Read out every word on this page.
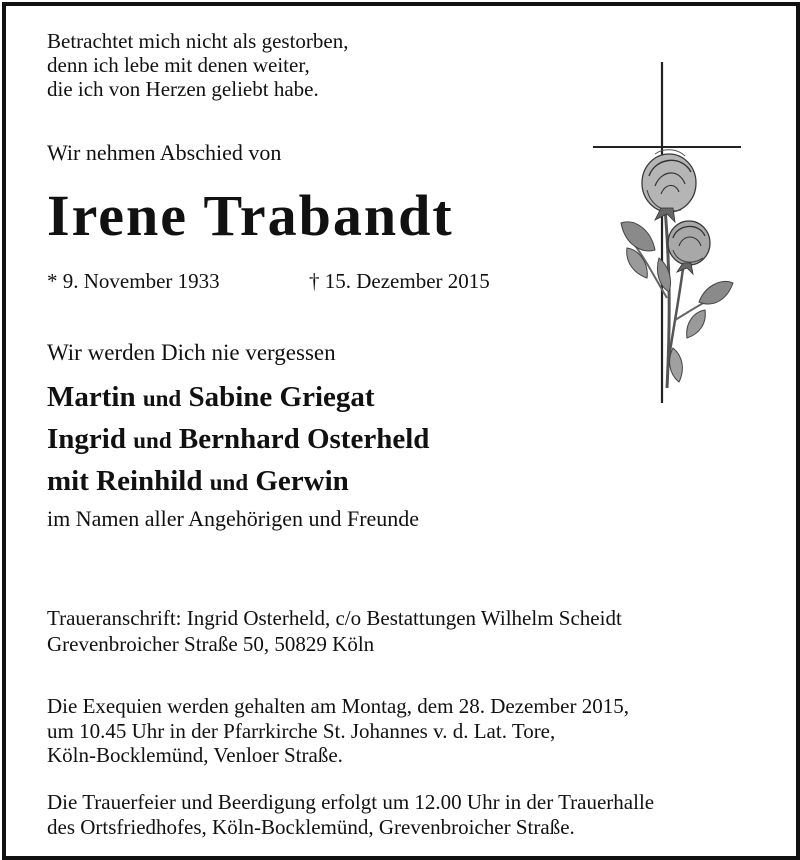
Betrachtet mich nicht als gestorben,
denn ich lebe mit denen weiter,
die ich von Herzen geliebt habe.
Wir nehmen Abschied von
Irene Trabandt
* 9. November 1933	† 15. Dezember 2015
Wir werden Dich nie vergessen
Martin und Sabine Griegat
Ingrid und Bernhard Osterheld
mit Reinhild und Gerwin
im Namen aller Angehörigen und Freunde
Traueranschrift: Ingrid Osterheld, c/o Bestattungen Wilhelm Scheidt
Grevenbroicher Straße 50, 50829 Köln
Die Exequien werden gehalten am Montag, dem 28. Dezember 2015,
um 10.45 Uhr in der Pfarrkirche St. Johannes v. d. Lat. Tore,
Köln-Bocklemünd, Venloer Straße.
Die Trauerfeier und Beerdigung erfolgt um 12.00 Uhr in der Trauerhalle
des Ortsfriedhofes, Köln-Bocklemünd, Grevenbroicher Straße.
